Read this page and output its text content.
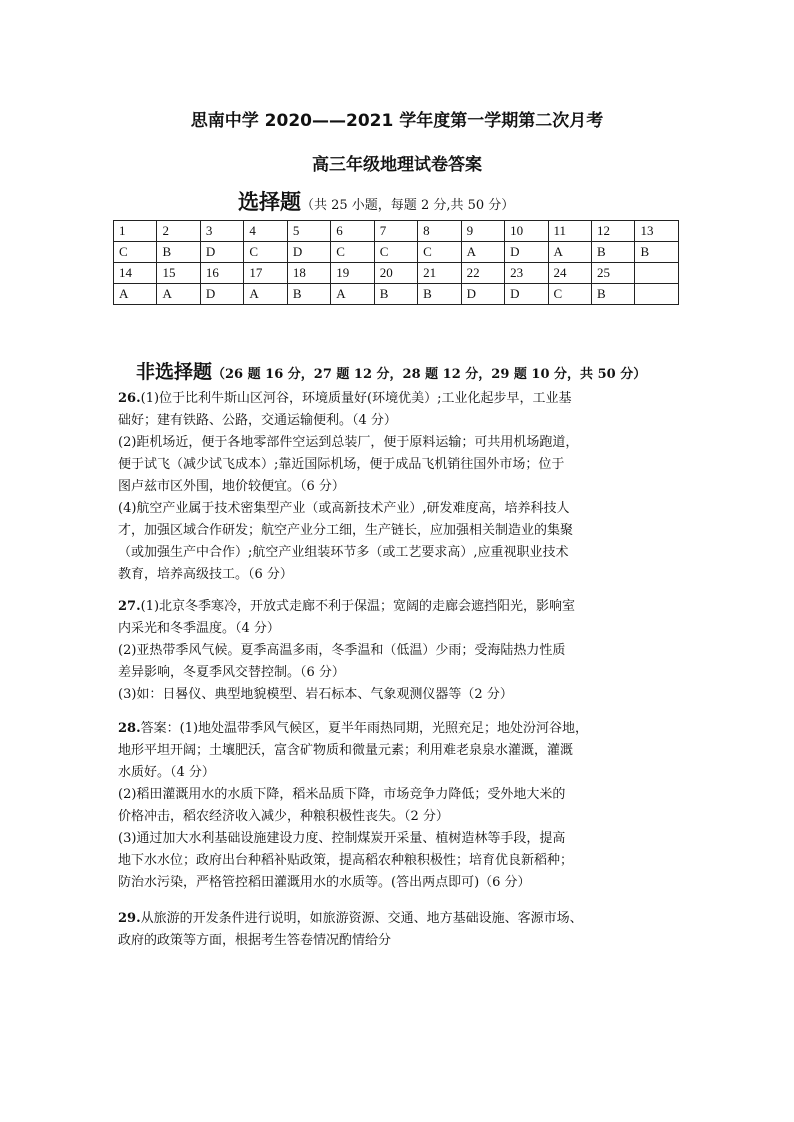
思南中学 2020——2021 学年度第一学期第二次月考
高三年级地理试卷答案
选择题（共 25 小题，每题 2 分,共 50 分）
1	2	3	4	5	6	7	8	9	10	11	12	13
C	B	D	C	D	C	C	C	A	D	A	B	B
14	15	16	17	18	19	20	21	22	23	24	25	
A	A	D	A	B	A	B	B	D	D	C	B	
非选择题（26 题 16 分，27 题 12 分，28 题 12 分，29 题 10 分，共 50 分）
26.(1)位于比利牛斯山区河谷，环境质量好(环境优美）;工业化起步早，工业基
础好；建有铁路、公路，交通运输便利。（4 分）
(2)距机场近，便于各地零部件空运到总装厂，便于原料运输；可共用机场跑道，
便于试飞（减少试飞成本）;靠近国际机场，便于成品飞机销往国外市场；位于
图卢兹市区外围，地价较便宜。（6 分）
(4)航空产业属于技术密集型产业（或高新技术产业）,研发难度高，培养科技人
才，加强区域合作研发；航空产业分工细，生产链长，应加强相关制造业的集聚
（或加强生产中合作）;航空产业组装环节多（或工艺要求高）,应重视职业技术
教育，培养高级技工。（6 分）
27.(1)北京冬季寒冷，开放式走廊不利于保温；宽阔的走廊会遮挡阳光，影响室
内采光和冬季温度。（4 分）
(2)亚热带季风气候。夏季高温多雨，冬季温和（低温）少雨；受海陆热力性质
差异影响，冬夏季风交替控制。（6 分）
(3)如：日晷仪、典型地貌模型、岩石标本、气象观测仪器等（2 分）
28.答案：(1)地处温带季风气候区，夏半年雨热同期，光照充足；地处汾河谷地，
地形平坦开阔；土壤肥沃，富含矿物质和微量元素；利用难老泉泉水灌溉，灌溉
水质好。（4 分）
(2)稻田灌溉用水的水质下降，稻米品质下降，市场竞争力降低；受外地大米的
价格冲击，稻农经济收入减少，种粮积极性丧失。（2 分）
(3)通过加大水利基础设施建设力度、控制煤炭开采量、植树造林等手段，提高
地下水水位；政府出台种稻补贴政策，提高稻农种粮积极性；培育优良新稻种；
防治水污染，严格管控稻田灌溉用水的水质等。(答出两点即可)（6 分）
29.从旅游的开发条件进行说明，如旅游资源、交通、地方基础设施、客源市场、
政府的政策等方面，根据考生答卷情况酌情给分
